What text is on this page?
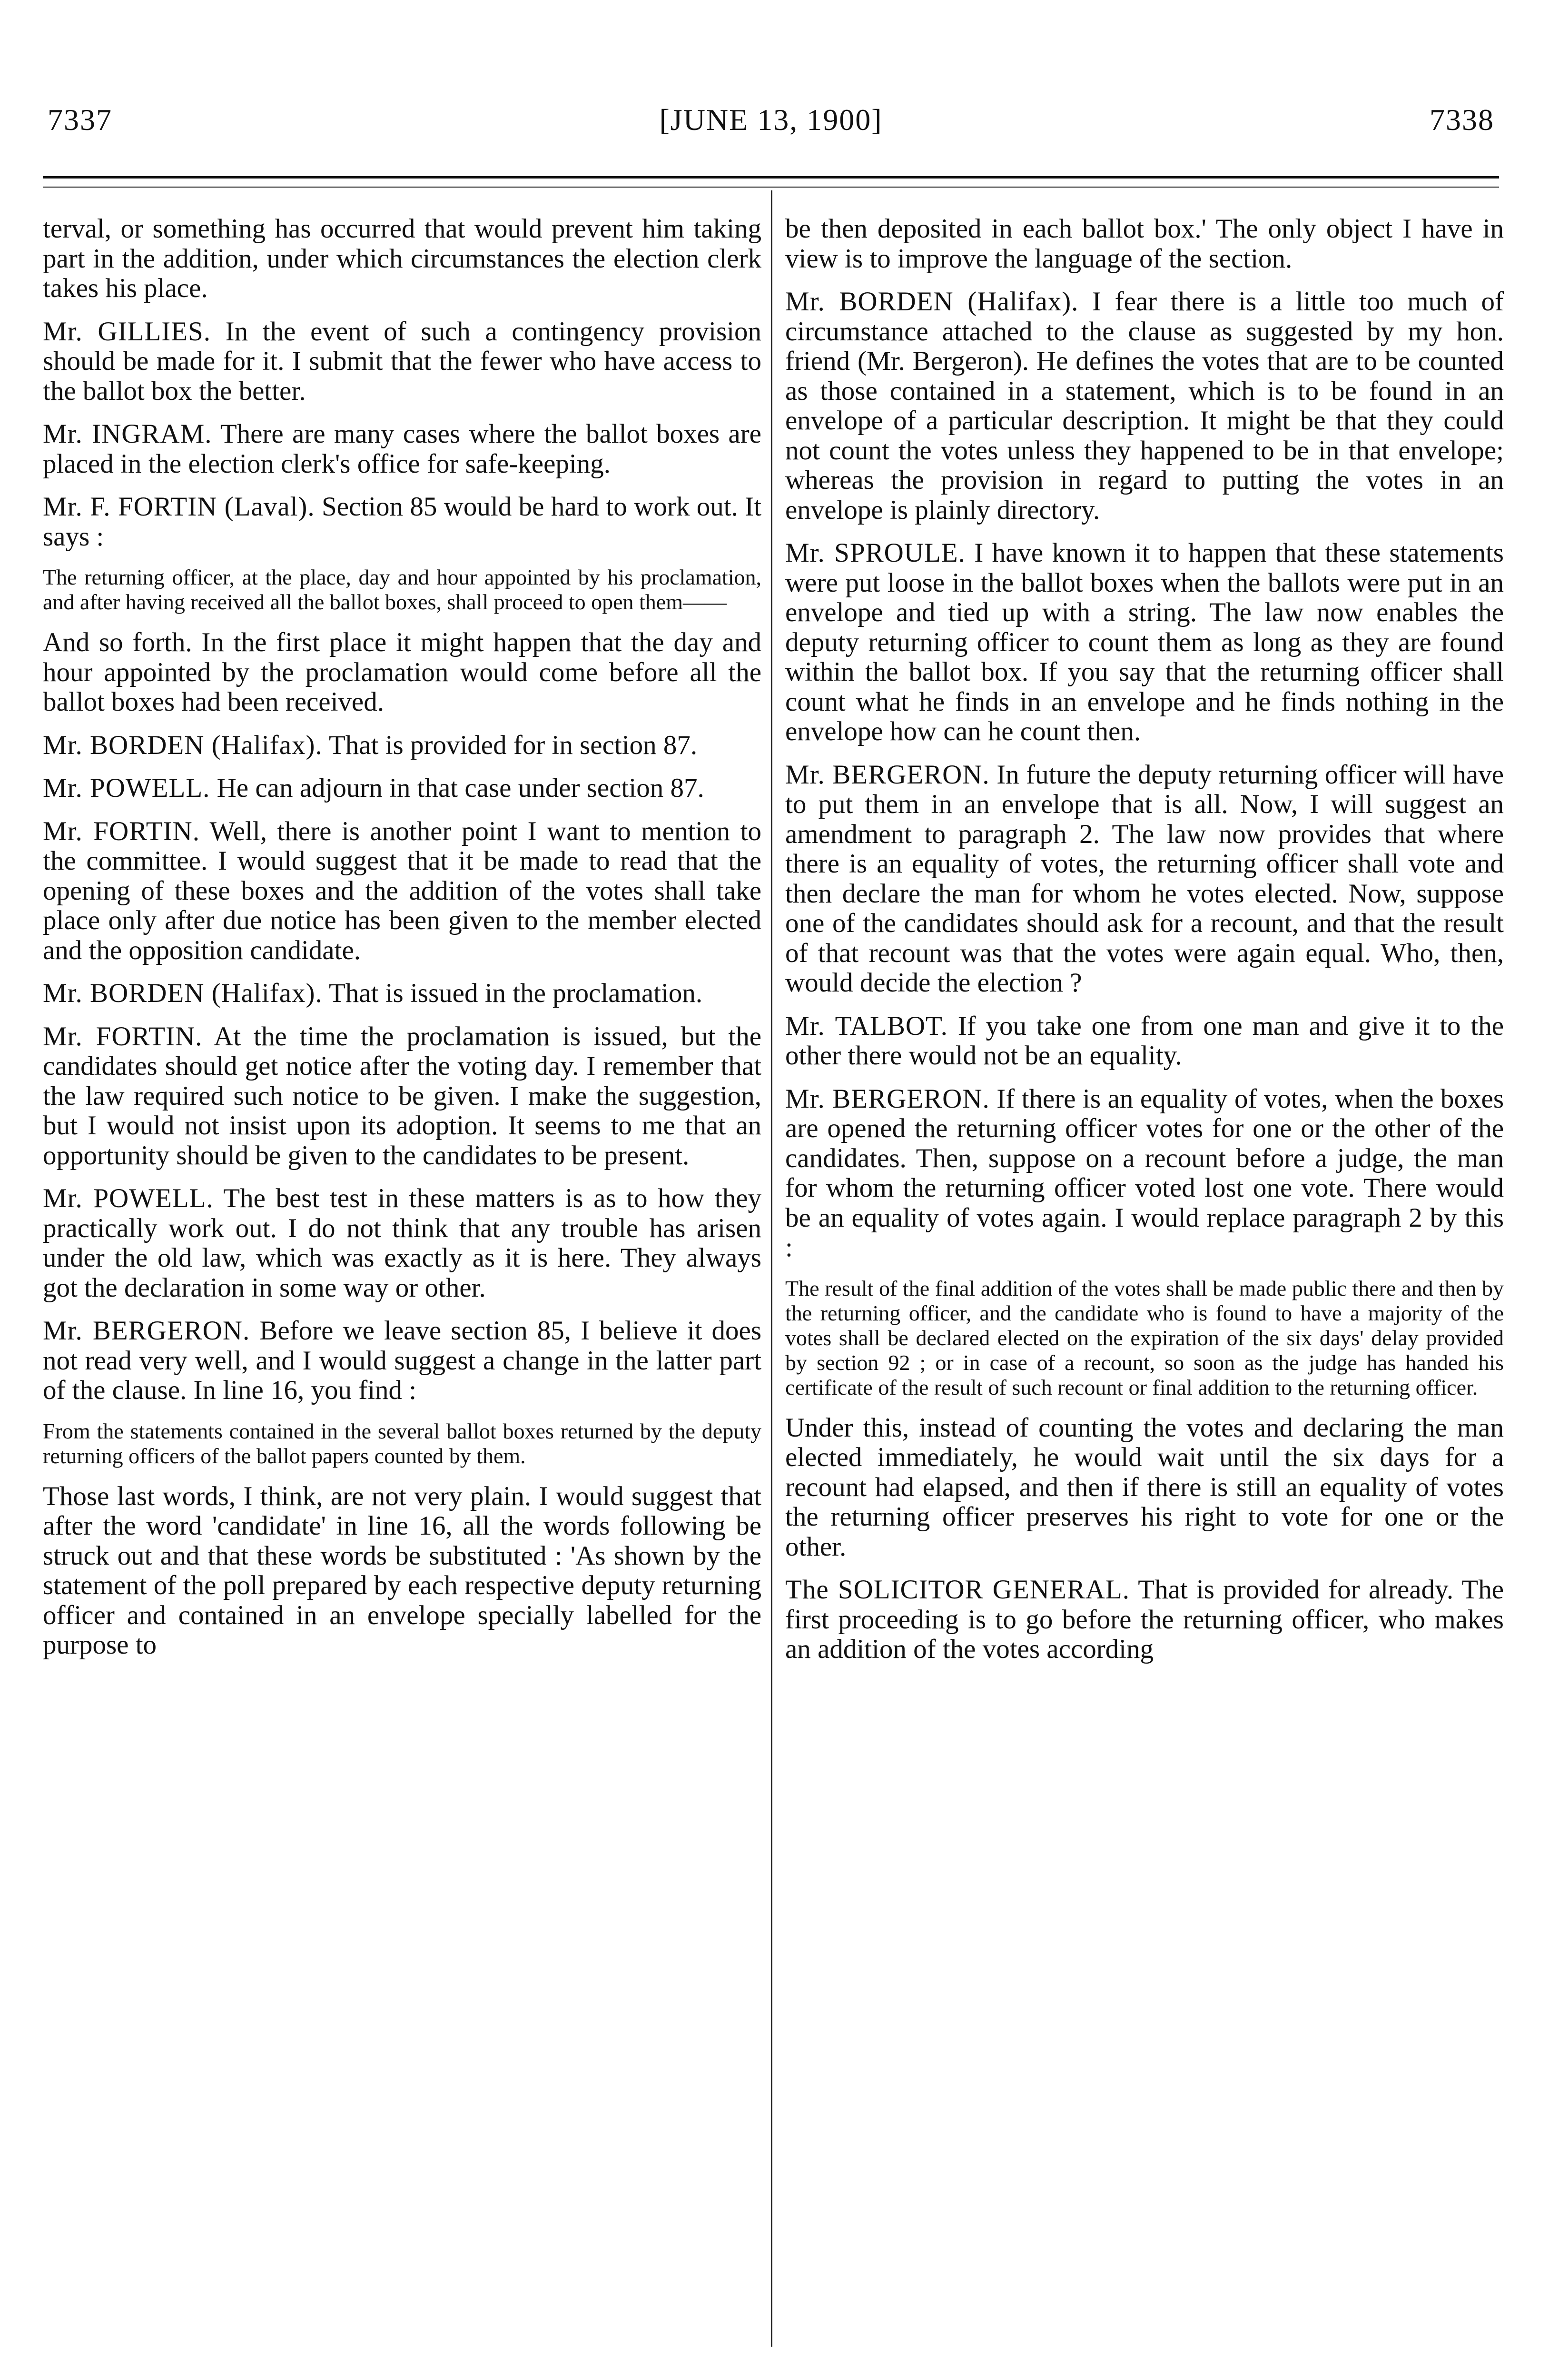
7337	[JUNE 13, 1900]	7338

terval, or something has occurred that would prevent him taking part in the addition, under which circumstances the election clerk takes his place.

Mr. GILLIES. In the event of such a contingency provision should be made for it. I submit that the fewer who have access to the ballot box the better.

Mr. INGRAM. There are many cases where the ballot boxes are placed in the election clerk's office for safe-keeping.

Mr. F. FORTIN (Laval). Section 85 would be hard to work out. It says :

The returning officer, at the place, day and hour appointed by his proclamation, and after having received all the ballot boxes, shall proceed to open them——

And so forth. In the first place it might happen that the day and hour appointed by the proclamation would come before all the ballot boxes had been received.

Mr. BORDEN (Halifax). That is provided for in section 87.

Mr. POWELL. He can adjourn in that case under section 87.

Mr. FORTIN. Well, there is another point I want to mention to the committee. I would suggest that it be made to read that the opening of these boxes and the addition of the votes shall take place only after due notice has been given to the member elected and the opposition candidate.

Mr. BORDEN (Halifax). That is issued in the proclamation.

Mr. FORTIN. At the time the proclamation is issued, but the candidates should get notice after the voting day. I remember that the law required such notice to be given. I make the suggestion, but I would not insist upon its adoption. It seems to me that an opportunity should be given to the candidates to be present.

Mr. POWELL. The best test in these matters is as to how they practically work out. I do not think that any trouble has arisen under the old law, which was exactly as it is here. They always got the declaration in some way or other.

Mr. BERGERON. Before we leave section 85, I believe it does not read very well, and I would suggest a change in the latter part of the clause. In line 16, you find :

From the statements contained in the several ballot boxes returned by the deputy returning officers of the ballot papers counted by them.

Those last words, I think, are not very plain. I would suggest that after the word 'candidate' in line 16, all the words following be struck out and that these words be substituted : 'As shown by the statement of the poll prepared by each respective deputy returning officer and contained in an envelope specially labelled for the purpose to

be then deposited in each ballot box.' The only object I have in view is to improve the language of the section.

Mr. BORDEN (Halifax). I fear there is a little too much of circumstance attached to the clause as suggested by my hon. friend (Mr. Bergeron). He defines the votes that are to be counted as those contained in a statement, which is to be found in an envelope of a particular description. It might be that they could not count the votes unless they happened to be in that envelope; whereas the provision in regard to putting the votes in an envelope is plainly directory.

Mr. SPROULE. I have known it to happen that these statements were put loose in the ballot boxes when the ballots were put in an envelope and tied up with a string. The law now enables the deputy returning officer to count them as long as they are found within the ballot box. If you say that the returning officer shall count what he finds in an envelope and he finds nothing in the envelope how can he count then.

Mr. BERGERON. In future the deputy returning officer will have to put them in an envelope that is all. Now, I will suggest an amendment to paragraph 2. The law now provides that where there is an equality of votes, the returning officer shall vote and then declare the man for whom he votes elected. Now, suppose one of the candidates should ask for a recount, and that the result of that recount was that the votes were again equal. Who, then, would decide the election ?

Mr. TALBOT. If you take one from one man and give it to the other there would not be an equality.

Mr. BERGERON. If there is an equality of votes, when the boxes are opened the returning officer votes for one or the other of the candidates. Then, suppose on a recount before a judge, the man for whom the returning officer voted lost one vote. There would be an equality of votes again. I would replace paragraph 2 by this :

The result of the final addition of the votes shall be made public there and then by the returning officer, and the candidate who is found to have a majority of the votes shall be declared elected on the expiration of the six days' delay provided by section 92 ; or in case of a recount, so soon as the judge has handed his certificate of the result of such recount or final addition to the returning officer.

Under this, instead of counting the votes and declaring the man elected immediately, he would wait until the six days for a recount had elapsed, and then if there is still an equality of votes the returning officer preserves his right to vote for one or the other.

The SOLICITOR GENERAL. That is provided for already. The first proceeding is to go before the returning officer, who makes an addition of the votes according
